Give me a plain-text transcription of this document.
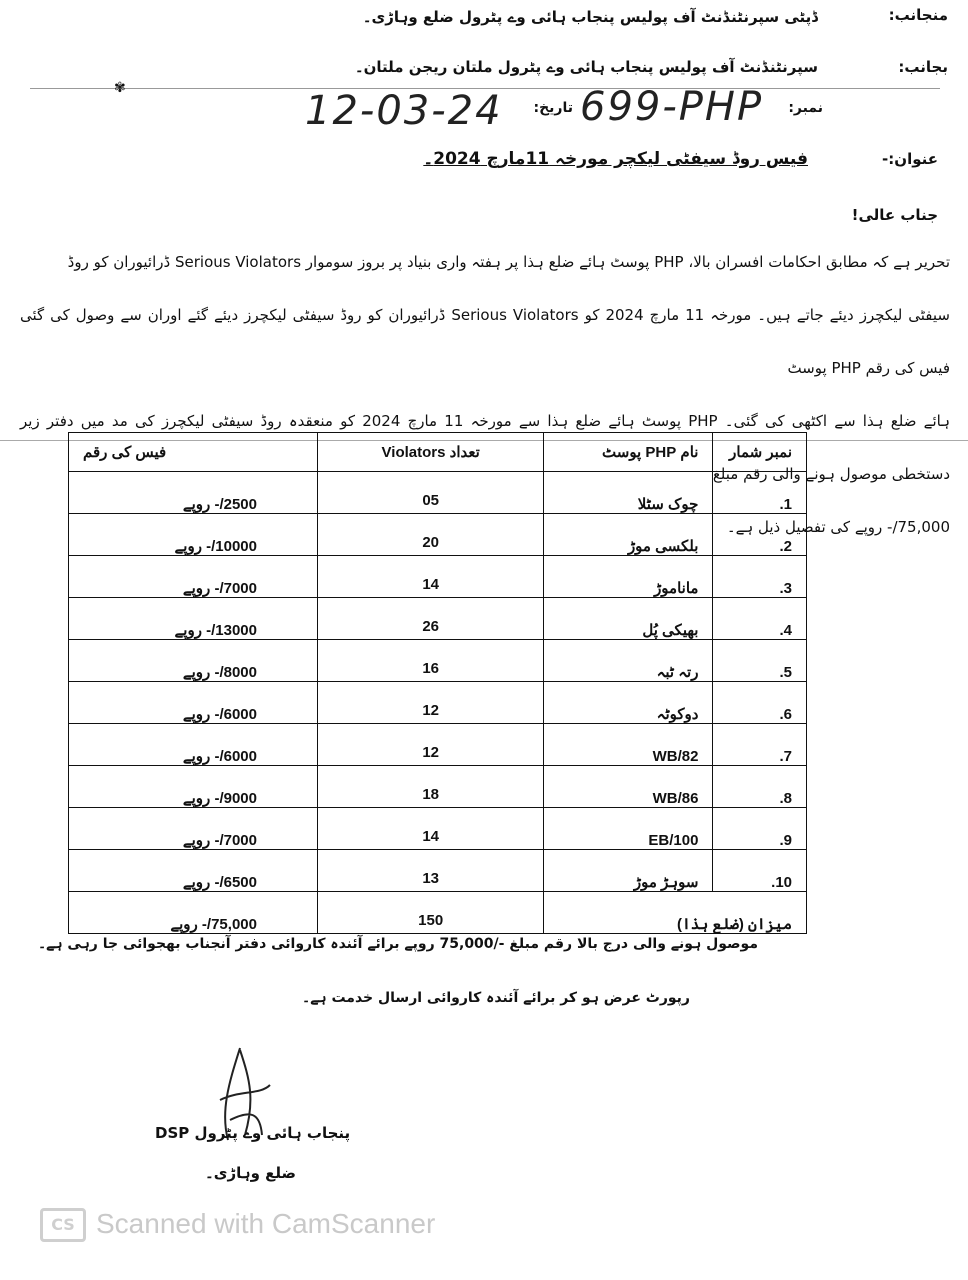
منجانب:
ڈپٹی سپرنٹنڈنٹ آف پولیس پنجاب ہائی وے پٹرول ضلع وہاڑی۔
بجانب:
سپرنٹنڈنٹ آف پولیس پنجاب ہائی وے پٹرول ملتان ریجن ملتان۔
✾
نمبر:
699-PHP
تاریخ:
12-03-24
عنوان:-
فیس روڈ سیفٹی لیکچر مورخہ 11مارچ 2024۔
جناب عالی!
تحریر ہے کہ مطابق احکامات افسران بالا، PHP پوسٹ ہائے ضلع ہذا پر ہفتہ واری بنیاد پر بروز سوموار Serious Violators ڈرائیوران کو روڈ
سیفٹی لیکچرز دیئے جاتے ہیں۔ مورخہ 11 مارچ 2024 کو Serious Violators ڈرائیوران کو روڈ سیفٹی لیکچرز دیئے گئے اوران سے وصول کی گئی فیس کی رقم PHP پوسٹ
ہائے ضلع ہذا سے اکٹھی کی گئی۔ PHP پوسٹ ہائے ضلع ہذا سے مورخہ 11 مارچ 2024 کو منعقدہ روڈ سیفٹی لیکچرز کی مد میں دفتر زیر دستخطی موصول ہونے والی رقم مبلغ
75,000/- روپے کی تفصیل ذیل ہے۔
نمبر شمار	نام PHP پوسٹ	تعداد Violators	فیس کی رقم
1.	چوک سٹلا	05	2500/- روپے
2.	بلکسی موڑ	20	10000/- روپے
3.	ماناموڑ	14	7000/- روپے
4.	بھیکی پُل	26	13000/- روپے
5.	رتہ ٹبہ	16	8000/- روپے
6.	دوکوٹہ	12	6000/- روپے
7.	82/WB	12	6000/- روپے
8.	86/WB	18	9000/- روپے
9.	100/EB	14	7000/- روپے
10.	سوہڑ موڑ	13	6500/- روپے
میزان (ضلع ہذا)		150	75,000/- روپے
موصول ہونے والی درج بالا رقم مبلغ -/75,000 روپے برائے آئندہ کاروائی دفتر آنجناب بھجوائی جا رہی ہے۔
رپورٹ عرض ہو کر برائے آئندہ کاروائی ارسال خدمت ہے۔
DSP پنجاب ہائی وے پٹرول
ضلع وہاڑی۔
CS Scanned with CamScanner
